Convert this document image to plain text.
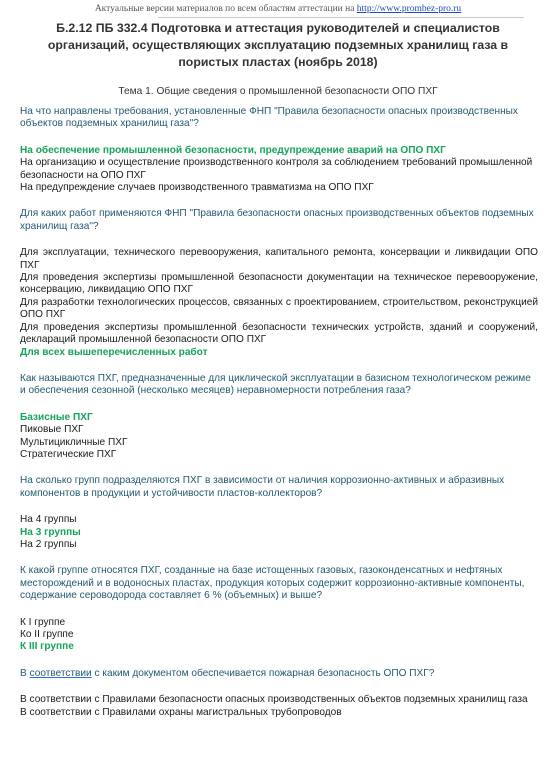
Актуальные версии материалов по всем областям аттестации на http://www.prombez-pro.ru
Б.2.12 ПБ 332.4 Подготовка и аттестация руководителей и специалистов организаций, осуществляющих эксплуатацию подземных хранилищ газа в пористых пластах (ноябрь 2018)
Тема 1. Общие сведения о промышленной безопасности ОПО ПХГ

На что направлены требования, установленные ФНП "Правила безопасности опасных производственных объектов подземных хранилищ газа"?

На обеспечение промышленной безопасности, предупреждение аварий на ОПО ПХГ

На организацию и осуществление производственного контроля за соблюдением требований промышленной безопасности на ОПО ПХГ

На предупреждение случаев производственного травматизма на ОПО ПХГ

Для каких работ применяются ФНП "Правила безопасности опасных производственных объектов подземных хранилищ газа"?

Для эксплуатации, технического перевооружения, капитального ремонта, консервации и ликвидации ОПО ПХГ

Для проведения экспертизы промышленной безопасности документации на техническое перевооружение, консервацию, ликвидацию ОПО ПХГ

Для разработки технологических процессов, связанных с проектированием, строительством, реконструкцией ОПО ПХГ

Для проведения экспертизы промышленной безопасности технических устройств, зданий и сооружений, деклараций промышленной безопасности ОПО ПХГ

Для всех вышеперечисленных работ

Как называются ПХГ, предназначенные для циклической эксплуатации в базисном технологическом режиме и обеспечения сезонной (несколько месяцев) неравномерности потребления газа?

Базисные ПХГ

Пиковые ПХГ

Мультицикличные ПХГ

Стратегические ПХГ

На сколько групп подразделяются ПХГ в зависимости от наличия коррозионно-активных и абразивных компонентов в продукции и устойчивости пластов-коллекторов?

На 4 группы

На 3 группы

На 2 группы

К какой группе относятся ПХГ, созданные на базе истощенных газовых, газоконденсатных и нефтяных месторождений и в водоносных пластах, продукция которых содержит коррозионно-активные компоненты, содержание сероводорода составляет 6 % (объемных) и выше?

К I группе

Ко II группе

К III группе

В соответствии с каким документом обеспечивается пожарная безопасность ОПО ПХГ?

В соответствии с Правилами безопасности опасных производственных объектов подземных хранилищ газа

В соответствии с Правилами охраны магистральных трубопроводов
